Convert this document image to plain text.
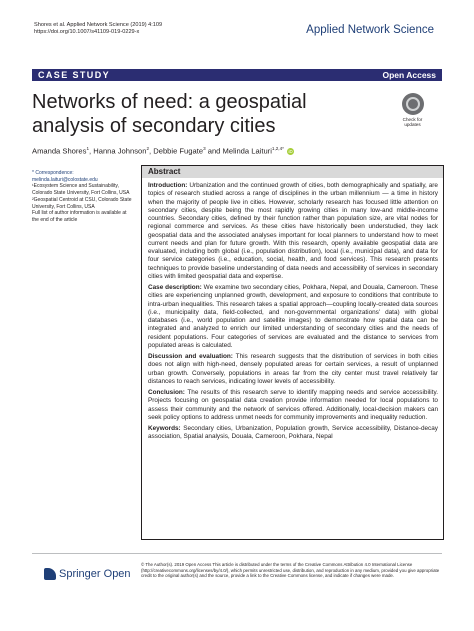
Shores et al. Applied Network Science (2019) 4:109
https://doi.org/10.1007/s41109-019-0229-x	Applied Network Science
CASE STUDY	Open Access
Networks of need: a geospatial analysis of secondary cities	Check for
updates
Amanda Shores$^1$, Hanna Johnson$^2$, Debbie Fugate$^3$ and Melinda Laituri$^{1,2,4*}$ iD
* Correspondence: melinda.laituri@colostate.edu
¹Ecosystem Science and Sustainability, Colorado State University, Fort Collins, USA
²Geospatial Centroid at CSU, Colorado State University, Fort Collins, USA
Full list of author information is available at the end of the article
Abstract

Introduction: Urbanization and the continued growth of cities, both demographically and spatially, are topics of research studied across a range of disciplines in the urban millennium — a time in history when the majority of people live in cities. However, scholarly research has focused little attention on secondary cities, despite being the most rapidly growing cities in many low-and middle-income countries. Secondary cities, defined by their function rather than population size, are vital nodes for regional commerce and services. As these cities have historically been understudied, they lack geospatial data and the associated analyses important for local planners to understand how to meet current needs and plan for future growth. With this research, openly available geospatial data are evaluated, including both global (i.e., population distribution), local (i.e., municipal data), and data for four service categories (i.e., education, social, health, and food services). This research presents techniques to provide baseline understanding of data needs and accessibility of services in secondary cities with limited geospatial data and expertise.

Case description: We examine two secondary cities, Pokhara, Nepal, and Douala, Cameroon. These cities are experiencing unplanned growth, development, and exposure to conditions that contribute to intra-urban inequalities. This research takes a spatial approach—coupling locally-created data sources (i.e., municipality data, field-collected, and non-governmental organizations' data) with global databases (i.e., world population and satellite images) to demonstrate how spatial data can be integrated and analyzed to enrich our limited understanding of secondary cities and the needs of resident populations. Four categories of services are evaluated and the distance to services from populated areas is calculated.

Discussion and evaluation: This research suggests that the distribution of services in both cities does not align with high-need, densely populated areas for certain services, a result of unplanned urban growth. Conversely, populations in areas far from the city center must travel relatively far distances to reach services, indicating lower levels of accessibility.

Conclusion: The results of this research serve to identify mapping needs and service accessibility. Projects focusing on geospatial data creation provide information needed for local populations to assess their community and the network of services offered. Additionally, local-decision makers can seek policy options to address unmet needs for community improvements and inequality reduction.

Keywords: Secondary cities, Urbanization, Population growth, Service accessibility, Distance-decay association, Spatial analysis, Douala, Cameroon, Pokhara, Nepal

Springer Open
© The Author(s). 2019 Open Access This article is distributed under the terms of the Creative Commons Attribution 4.0 International License (http://creativecommons.org/licenses/by/4.0/), which permits unrestricted use, distribution, and reproduction in any medium, provided you give appropriate credit to the original author(s) and the source, provide a link to the Creative Commons license, and indicate if changes were made.
